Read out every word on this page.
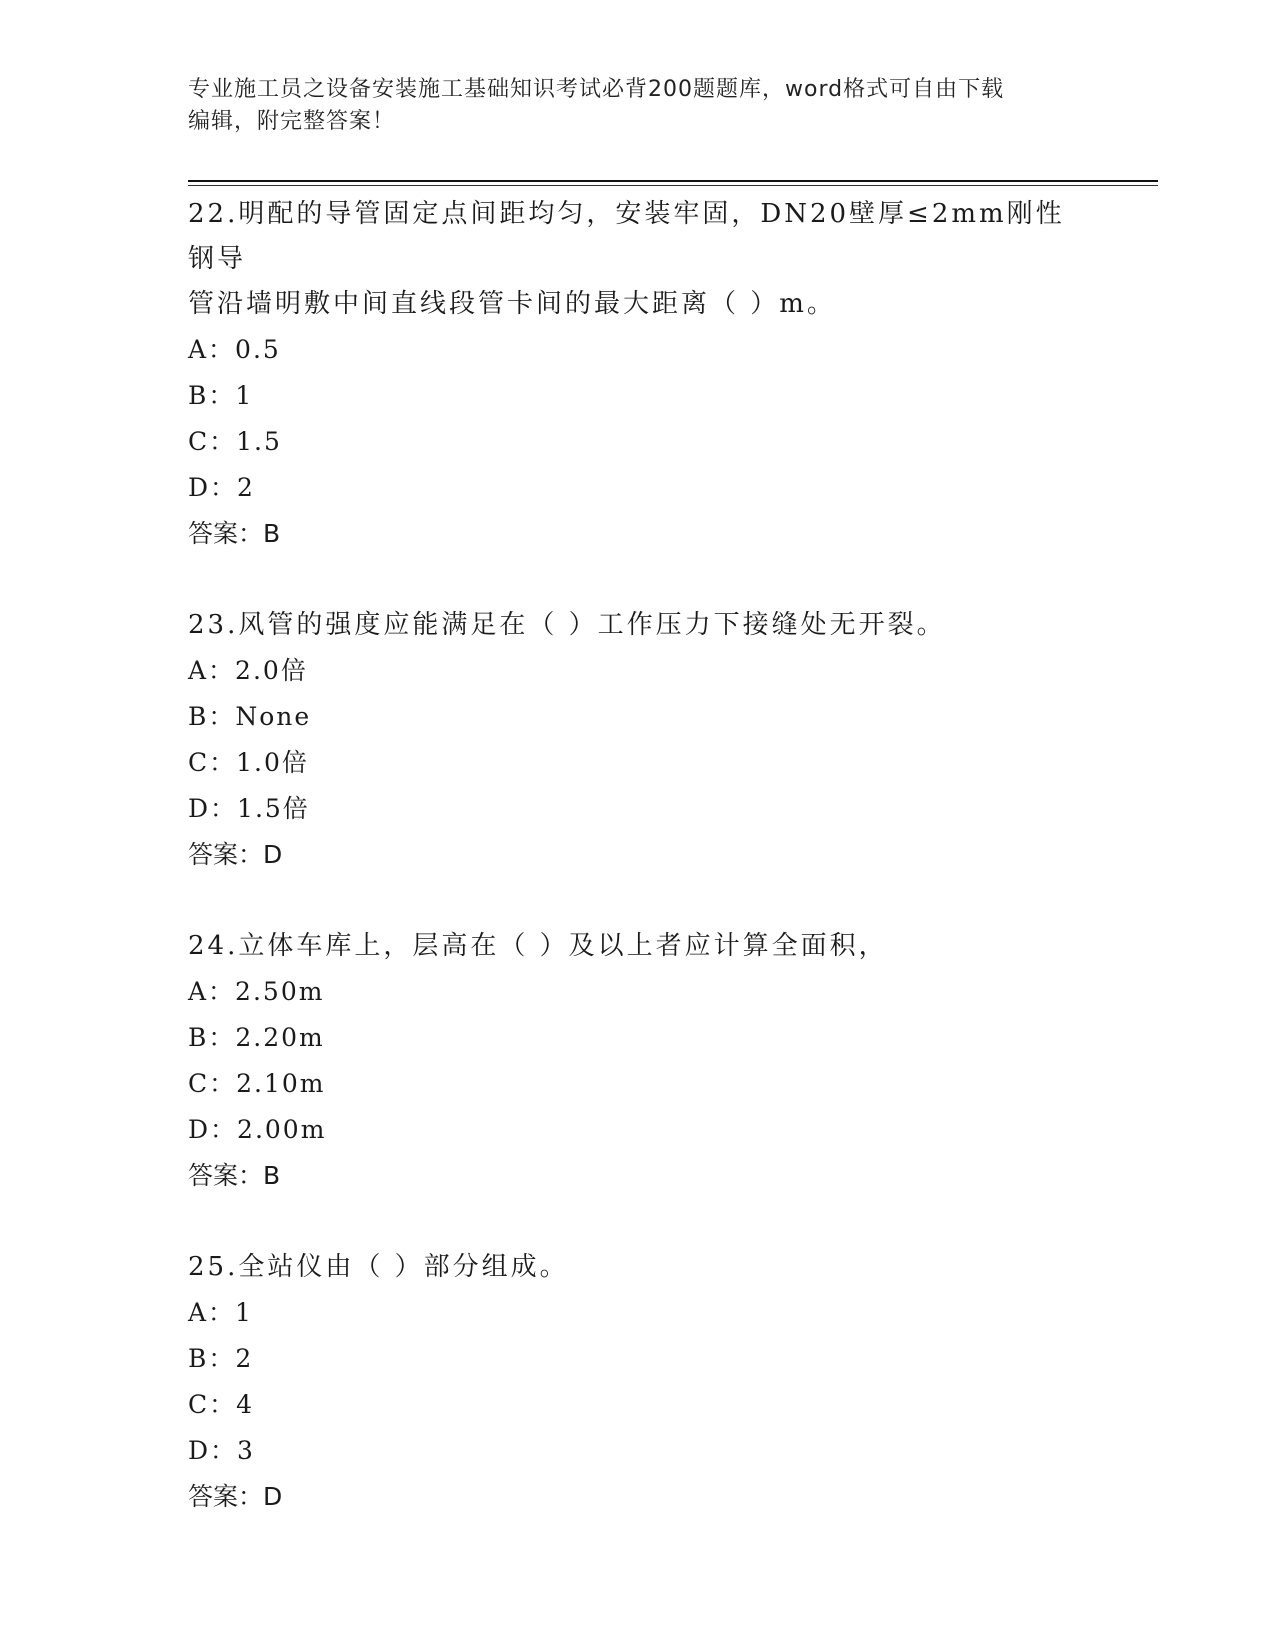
专业施工员之设备安装施工基础知识考试必背200题题库，word格式可自由下载
编辑，附完整答案！

22.明配的导管固定点间距均匀，安装牢固，DN20壁厚≤2mm刚性钢导
管沿墙明敷中间直线段管卡间的最大距离（ ）m。

A：0.5

B：1

C：1.5

D：2

答案：B

23.风管的强度应能满足在（ ）工作压力下接缝处无开裂。

A：2.0倍

B：None

C：1.0倍

D：1.5倍

答案：D

24.立体车库上，层高在（ ）及以上者应计算全面积，

A：2.50m

B：2.20m

C：2.10m

D：2.00m

答案：B

25.全站仪由（ ）部分组成。

A：1

B：2

C：4

D：3

答案：D
